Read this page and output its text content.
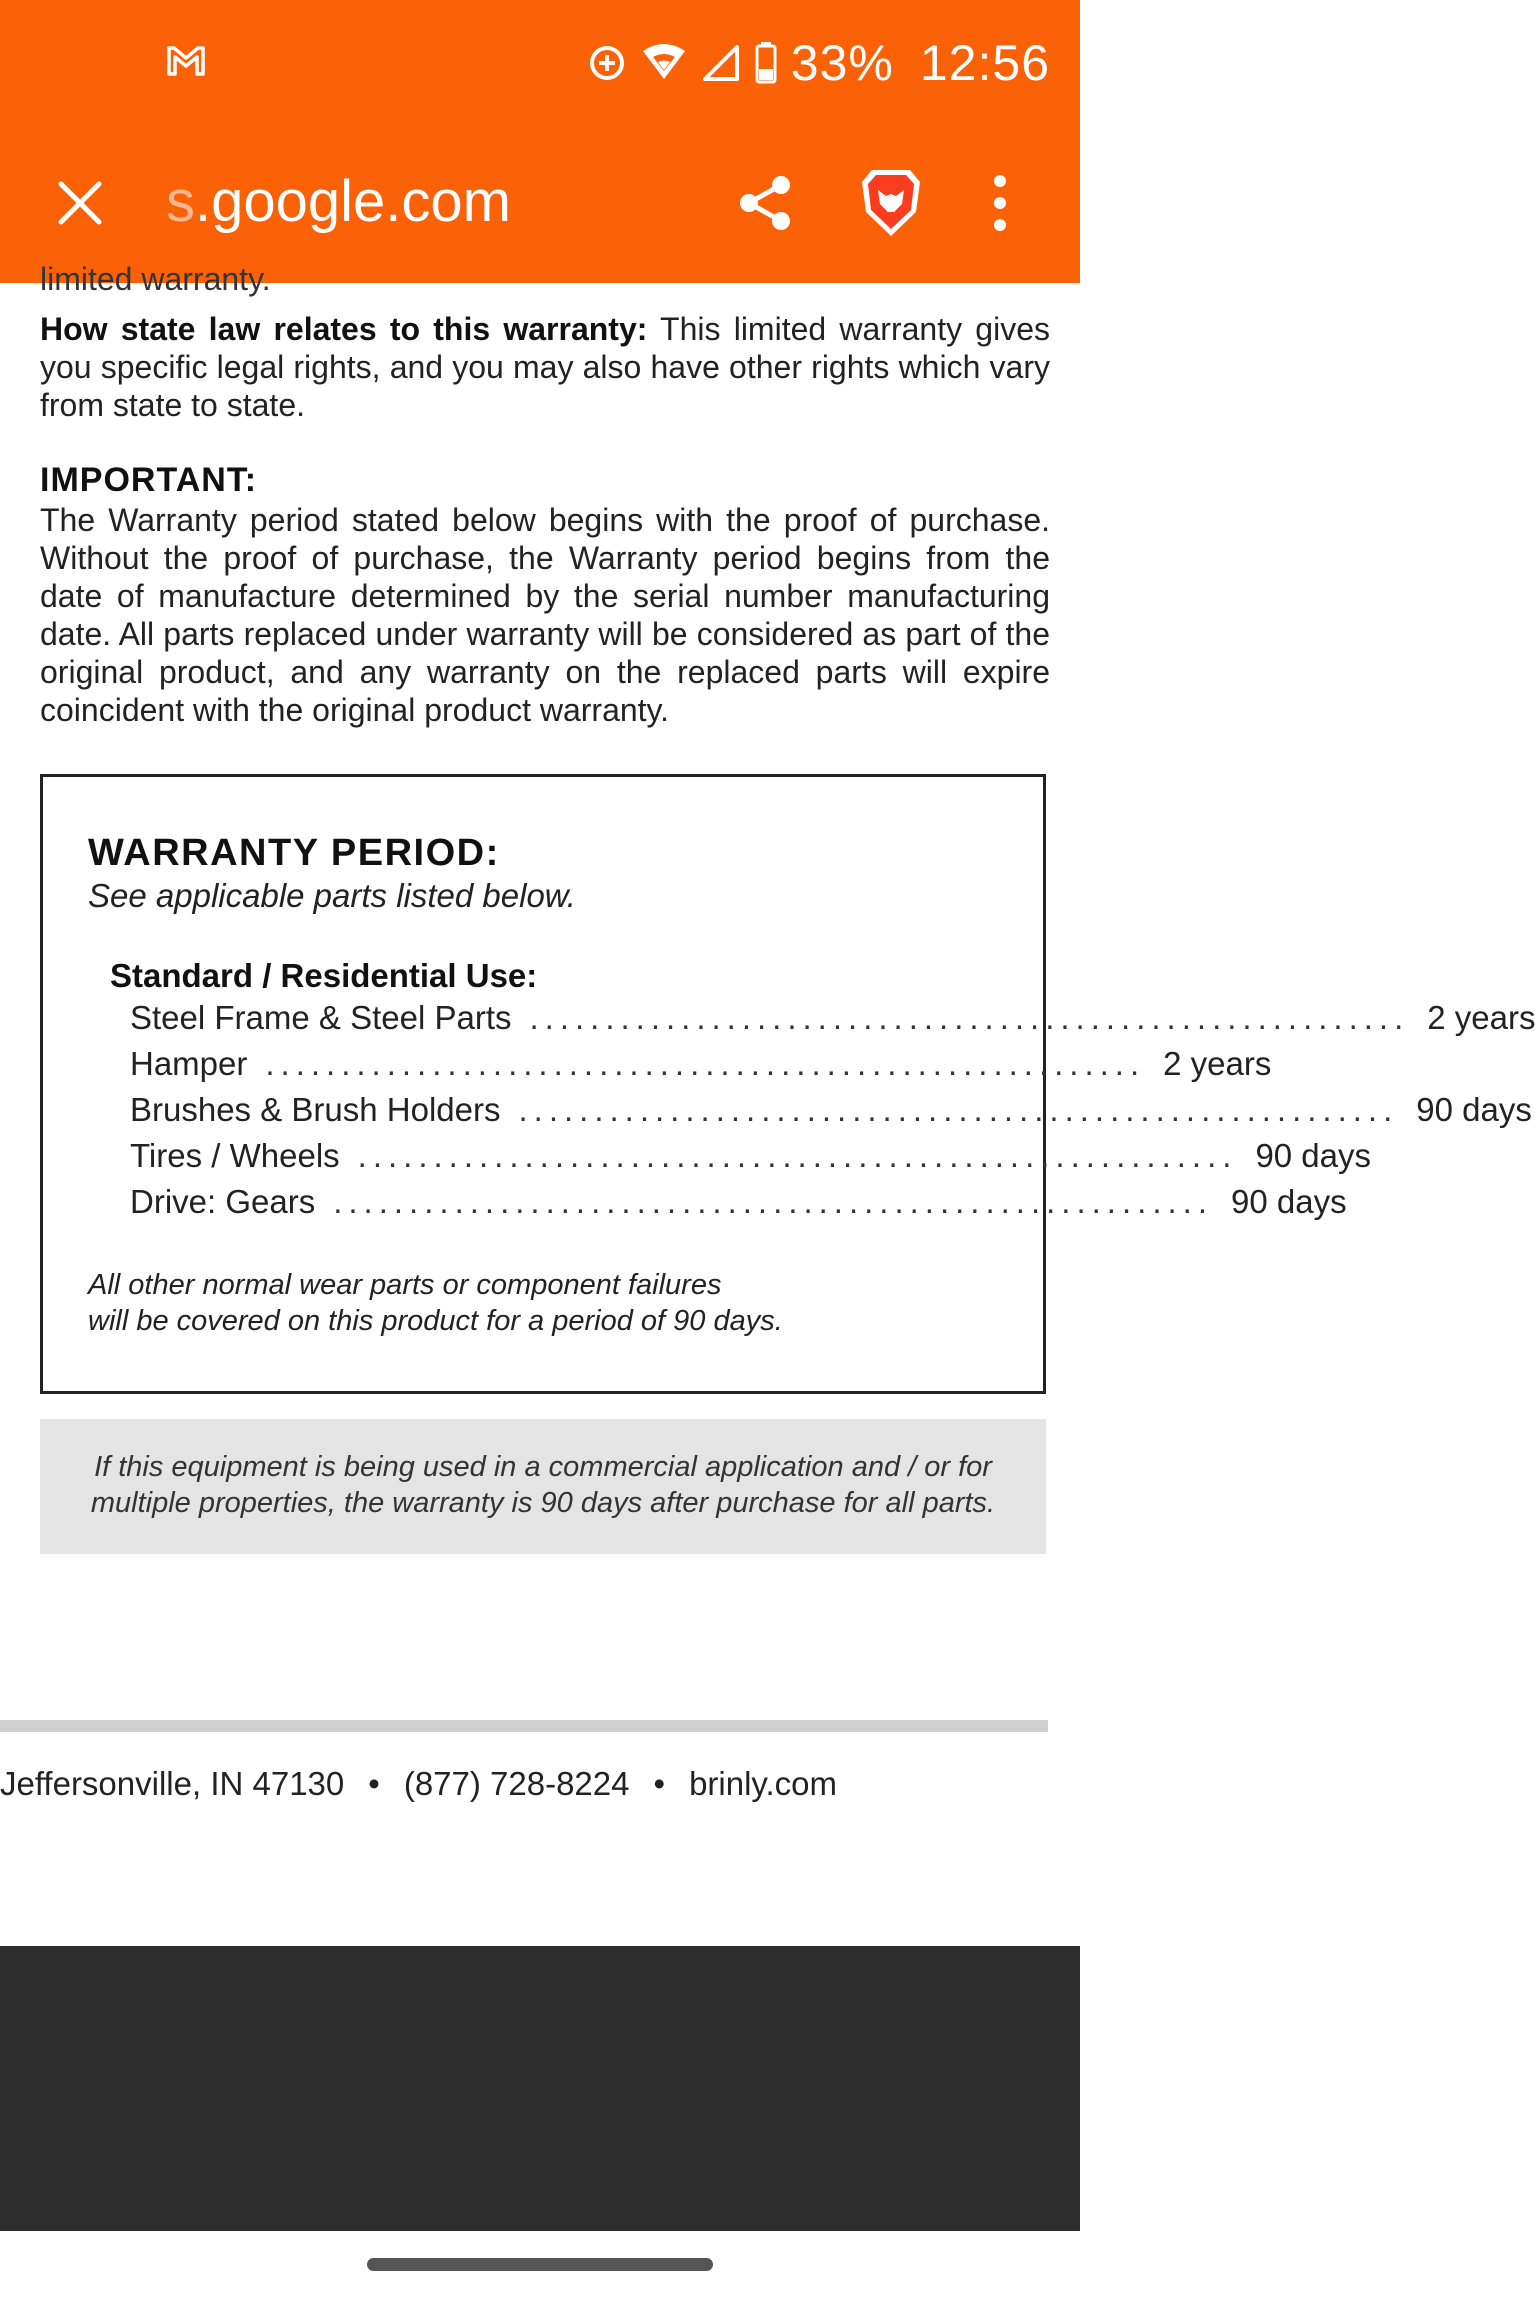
33% 12:56
s.google.com
limited warranty.
How state law relates to this warranty: This limited warranty gives you specific legal rights, and you may also have other rights which vary from state to state.
IMPORTANT:
The Warranty period stated below begins with the proof of purchase. Without the proof of purchase, the Warranty period begins from the date of manufacture determined by the serial number manufacturing date. All parts replaced under warranty will be considered as part of the original product, and any warranty on the replaced parts will expire coincident with the original product warranty.
WARRANTY PERIOD:
See applicable parts listed below.
Standard / Residential Use:
Steel Frame & Steel Parts .......................................................... 2 years
Hamper .......................................................... 2 years
Brushes & Brush Holders .......................................................... 90 days
Tires / Wheels .......................................................... 90 days
Drive: Gears .......................................................... 90 days
All other normal wear parts or component failures
will be covered on this product for a period of 90 days.
If this equipment is being used in a commercial application and / or for
multiple properties, the warranty is 90 days after purchase for all parts.
Jeffersonville, IN 47130 • (877) 728-8224 • brinly.com
